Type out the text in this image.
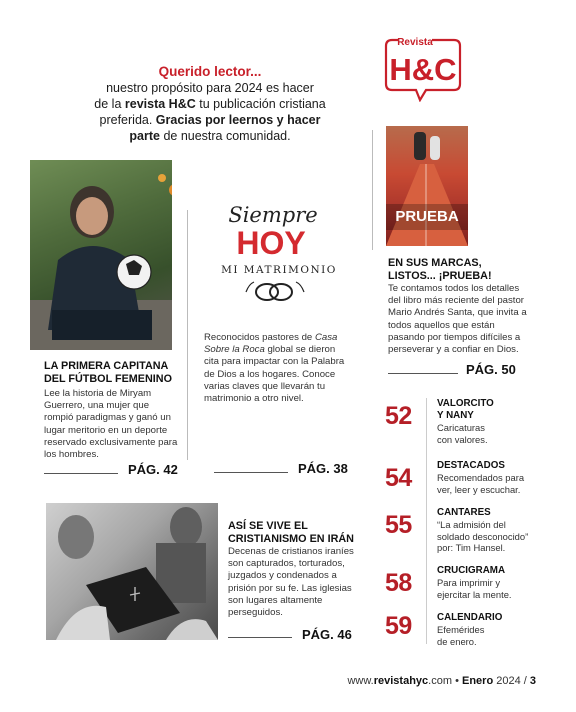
Querido lector...
nuestro propósito para 2024 es hacer
de la revista H&C tu publicación cristiana
preferida. Gracias por leernos y hacer
parte de nuestra comunidad.
Revista
H&C
LA PRIMERA CAPITANA
DEL FÚTBOL FEMENINO
Lee la historia de Miryam Guerrero, una mujer que rompió paradigmas y ganó un lugar meritorio en un deporte reservado exclusivamente para los hombres.
PÁG. 42
Siempre
HOY
MI MATRIMONIO
Reconocidos pastores de Casa Sobre la Roca global se dieron cita para impactar con la Palabra de Dios a los hogares. Conoce varias claves que llevarán tu matrimonio a otro nivel.
PÁG. 38
PRUEBA
EN SUS MARCAS,
LISTOS... ¡PRUEBA!
Te contamos todos los detalles del libro más reciente del pastor Mario Andrés Santa, que invita a todos aquellos que están pasando por tiempos difíciles a perseverar y a confiar en Dios.
PÁG. 50
52	VALORCITO
Y NANY
Caricaturas
con valores.
54	DESTACADOS
Recomendados para
ver, leer y escuchar.
55	CANTARES
“La admisión del
soldado desconocido”
por: Tim Hansel.
58	CRUCIGRAMA
Para imprimir y
ejercitar la mente.
59	CALENDARIO
Efemérides
de enero.
ASÍ SE VIVE EL
CRISTIANISMO EN IRÁN
Decenas de cristianos iraníes son capturados, torturados, juzgados y condenados a prisión por su fe. Las iglesias son lugares altamente perseguidos.
PÁG. 46
www.revistahyc.com • Enero 2024 / 3
